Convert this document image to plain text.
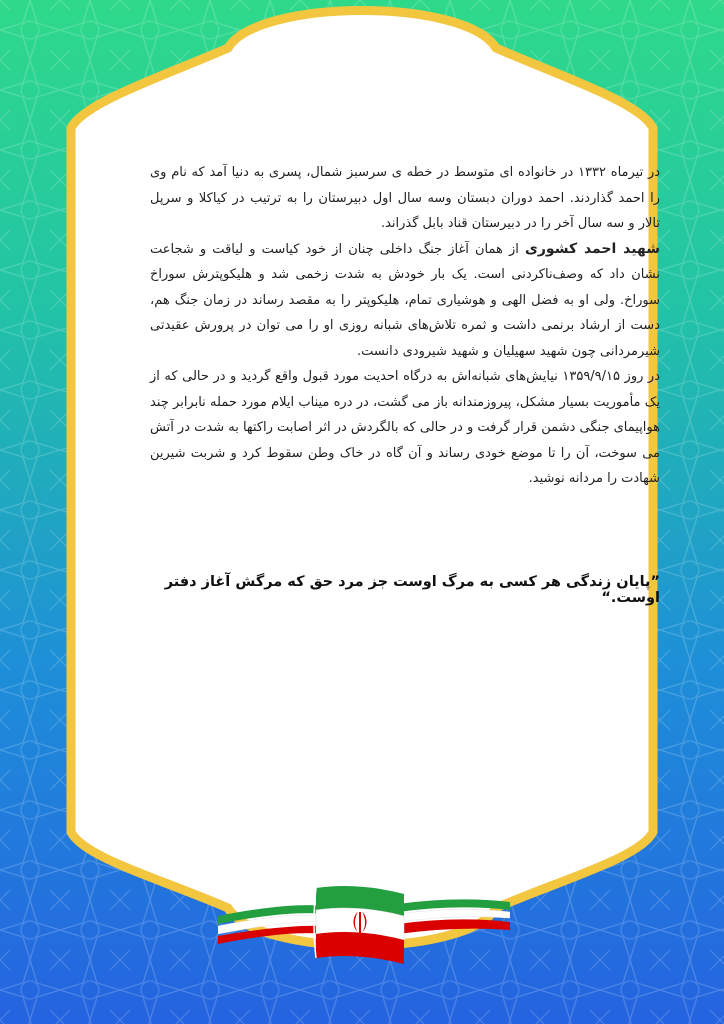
در تیرماه ۱۳۳۲ در خانواده ای متوسط در خطه ی سرسبز شمال، پسری به دنیا آمد که نام وی را احمد گذاردند. احمد دوران دبستان وسه سال اول دبیرستان را به ترتیب در کیاکلا و سرپل تالار و سه سال آخر را در دبیرستان قناد بابل گذراند.

شهید احمد کشوری از همان آغاز جنگ داخلی چنان از خود کیاست و لیاقت و شجاعت نشان داد که وصف‌ناکردنی است. یک بار خودش به شدت زخمی شد و هلیکوپترش سوراخ سوراخ. ولی او به فضل الهی و هوشیاری تمام، هلیکوپتر را به مقصد رساند در زمان جنگ هم، دست از ارشاد برنمی داشت و ثمره تلاش‌های شبانه روزی او را می توان در پرورش عقیدتی شیرمردانی چون شهید سهیلیان و شهید شیرودی دانست.

در روز ۱۳۵۹/۹/۱۵ نیایش‌های شبانه‌اش به درگاه احدیت مورد قبول واقع گردید و در حالی که از یک مأموریت بسیار مشکل، پیروزمندانه باز می گشت، در دره میناب ایلام مورد حمله نابرابر چند هواپیمای جنگی دشمن قرار گرفت و در حالی که بالگردش در اثر اصابت راکتها به شدت در آتش می سوخت، آن را تا موضع خودی رساند و آن گاه در خاک وطن سقوط کرد و شربت شیرین شهادت را مردانه نوشید.

”پایان زندگی هر کسی به مرگ اوست جز مرد حق که مرگش آغاز دفتر اوست.“
